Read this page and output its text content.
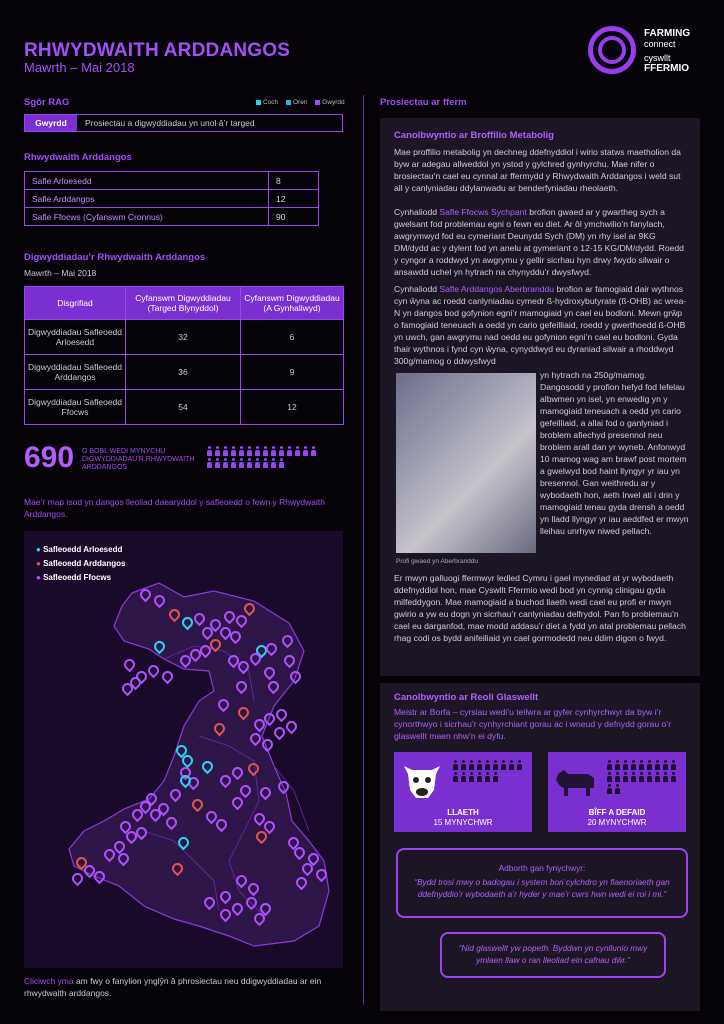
RHWYDWAITH ARDDANGOS
Mawrth – Mai 2018
FARMING
connect
cyswllt
FFERMIO
Sgôr RAG	Coch Oren Gwyrdd
Gwyrdd	Prosiectau a digwyddiadau yn unol â’r targed
Rhwydwaith Arddangos
Safle Arloesedd	8
Safle Arddangos	12
Safle Ffocws (Cyfanswm Cronnus)	90
Digwyddiadau’r Rhwydwaith Arddangos
Mawrth – Mai 2018
Disgrifiad	Cyfanswm Digwyddiadau (Targed Blynyddol)	Cyfanswm Digwyddiadau (A Gynhaliwyd)
Digwyddiadau Safleoedd Arloesedd	32	6
Digwyddiadau Safleoedd Arddangos	36	9
Digwyddiadau Safleoedd Ffocws	54	12
690 O BOBL WEDI MYNYCHU DIGWYDDIADAU’R RHWYDWAITH ARDDANGOS
Mae’r map isod yn dangos lleoliad daearyddol y safleoedd o fewn y Rhwydwaith Arddangos.
● Safleoedd Arloesedd
● Safleoedd Arddangos
● Safleoedd Ffocws
Cliciwch yma am fwy o fanylion ynglŷn â phrosiectau neu ddigwyddiadau ar ein rhwydwaith arddangos.
Prosiectau ar fferm
Canolbwyntio ar Broffilio Metabolig
Mae proffilio metabolig yn dechneg ddefnyddiol i wirio statws maetholion da byw ar adegau allweddol yn ystod y gylchred gynhyrchu. Mae nifer o brosiectau’n cael eu cynnal ar ffermydd y Rhwydwaith Arddangos i weld sut all y canlyniadau ddylanwadu ar benderfyniadau rheolaeth.
Cynhaliodd Safle Ffocws Sychpant brofion gwaed ar y gwartheg sych a gwelsant fod problemau egni o fewn eu diet. Ar ôl ymchwilio’n fanylach, awgrymwyd fod eu cymeriant Deunydd Sych (DM) yn rhy isel ar 9KG DM/dydd ac y dylent fod yn anelu at gymeriant o 12-15 KG/DM/dydd. Roedd y cyngor a roddwyd yn awgrymu y gellir sicrhau hyn drwy fwydo silwair o ansawdd uchel yn hytrach na chynyddu’r dwysfwyd.
Cynhaliodd Safle Arddangos Aberbranddu brofion ar famogiaid dair wythnos cyn ŵyna ac roedd canlyniadau cymedr ß-hydroxybutyrate (ß-OHB) ac wrea-N yn dangos bod gofynion egni’r mamogiaid yn cael eu bodloni. Mewn grŵp o famogiaid teneuach a oedd yn cario gefeilliaid, roedd y gwerthoedd ß-OHB yn uwch, gan awgrymu nad oedd eu gofynion egni’n cael eu bodloni. Gyda thair wythnos i fynd cyn ŵyna, cynyddwyd eu dyraniad silwair a rhoddwyd 300g/mamog o ddwysfwyd
yn hytrach na 250g/mamog. Dangosodd y profion hefyd fod lefelau albwmen yn isel, yn enwedig yn y mamogiaid teneuach a oedd yn cario gefeilliaid, a allai fod o ganlyniad i broblem afiechyd presennol neu broblem arall dan yr wyneb. Anfonwyd 10 mamog wag am brawf post mortem a gwelwyd bod haint llyngyr yr iau yn bresennol. Gan weithredu ar y wybodaeth hon, aeth Irwel ati i drin y mamogiaid tenau gyda drensh a oedd yn lladd llyngyr yr iau aeddfed er mwyn lleihau unrhyw niwed pellach.
Profi gwaed yn Aberbranddu
Er mwyn galluogi ffermwyr ledled Cymru i gael mynediad at yr wybodaeth ddefnyddiol hon, mae Cyswllt Ffermio wedi bod yn cynnig clinigau gyda milfeddygon. Mae mamogiaid a buchod llaeth wedi cael eu profi er mwyn gwirio a yw eu dogn yn sicrhau’r canlyniadau delfrydol. Pan fo problemau’n cael eu darganfod, mae modd addasu’r diet a fydd yn atal problemau pellach rhag codi os bydd anifeiliaid yn cael gormodedd neu ddim digon o fwyd.
Canolbwyntio ar Reoli Glaswellt
Meistr ar Borfa – cyrsiau wedi’u teilwra ar gyfer cynhyrchwyr da byw i’r cynorthwyo i sicrhau’r cynhyrchiant gorau ac i wneud y defnydd gorau o’r glaswellt maen nhw’n ei dyfu.
LLAETH
15 MYNYCHWR
BÎFF A DEFAID
20 MYNYCHWR
Adborth gan fynychwyr:
“Bydd trosi mwy o badogau i system bori cylchdro yn flaenoriaeth gan ddefnyddio’r wybodaeth a’r hyder y mae’r cwrs hwn wedi ei roi i mi.”
“Nid glaswellt yw popeth. Byddwn yn cynllunio mwy ymlaen llaw o ran lleoliad ein cafnau dŵr.”
